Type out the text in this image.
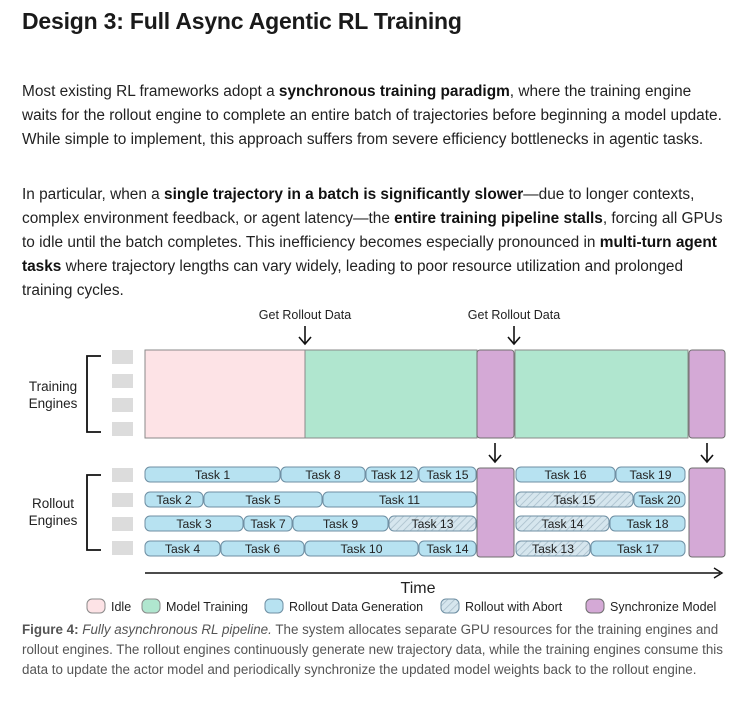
Design 3: Full Async Agentic RL Training

Most existing RL frameworks adopt a synchronous training paradigm, where the training engine waits for the rollout engine to complete an entire batch of trajectories before beginning a model update. While simple to implement, this approach suffers from severe efficiency bottlenecks in agentic tasks.

In particular, when a single trajectory in a batch is significantly slower—due to longer contexts, complex environment feedback, or agent latency—the entire training pipeline stalls, forcing all GPUs to idle until the batch completes. This inefficiency becomes especially pronounced in multi-turn agent tasks where trajectory lengths can vary widely, leading to poor resource utilization and prolonged training cycles.

Get Rollout Data	Get Rollout Data
Training
Engines
Rollout
Engines
Task 1	Task 8 Task 12 Task 15	Task 16	Task 19
Task 2	Task 5	Task 11	Task 15	Task 20
Task 3	Task 7	Task 9	Task 13	Task 14	Task 18
Task 4	Task 6	Task 10	Task 14	Task 13	Task 17
Time
Idle	Model Training	Rollout Data Generation	Rollout with Abort	Synchronize Model

Figure 4: Fully asynchronous RL pipeline. The system allocates separate GPU resources for the training engines and rollout engines. The rollout engines continuously generate new trajectory data, while the training engines consume this data to update the actor model and periodically synchronize the updated model weights back to the rollout engine.
